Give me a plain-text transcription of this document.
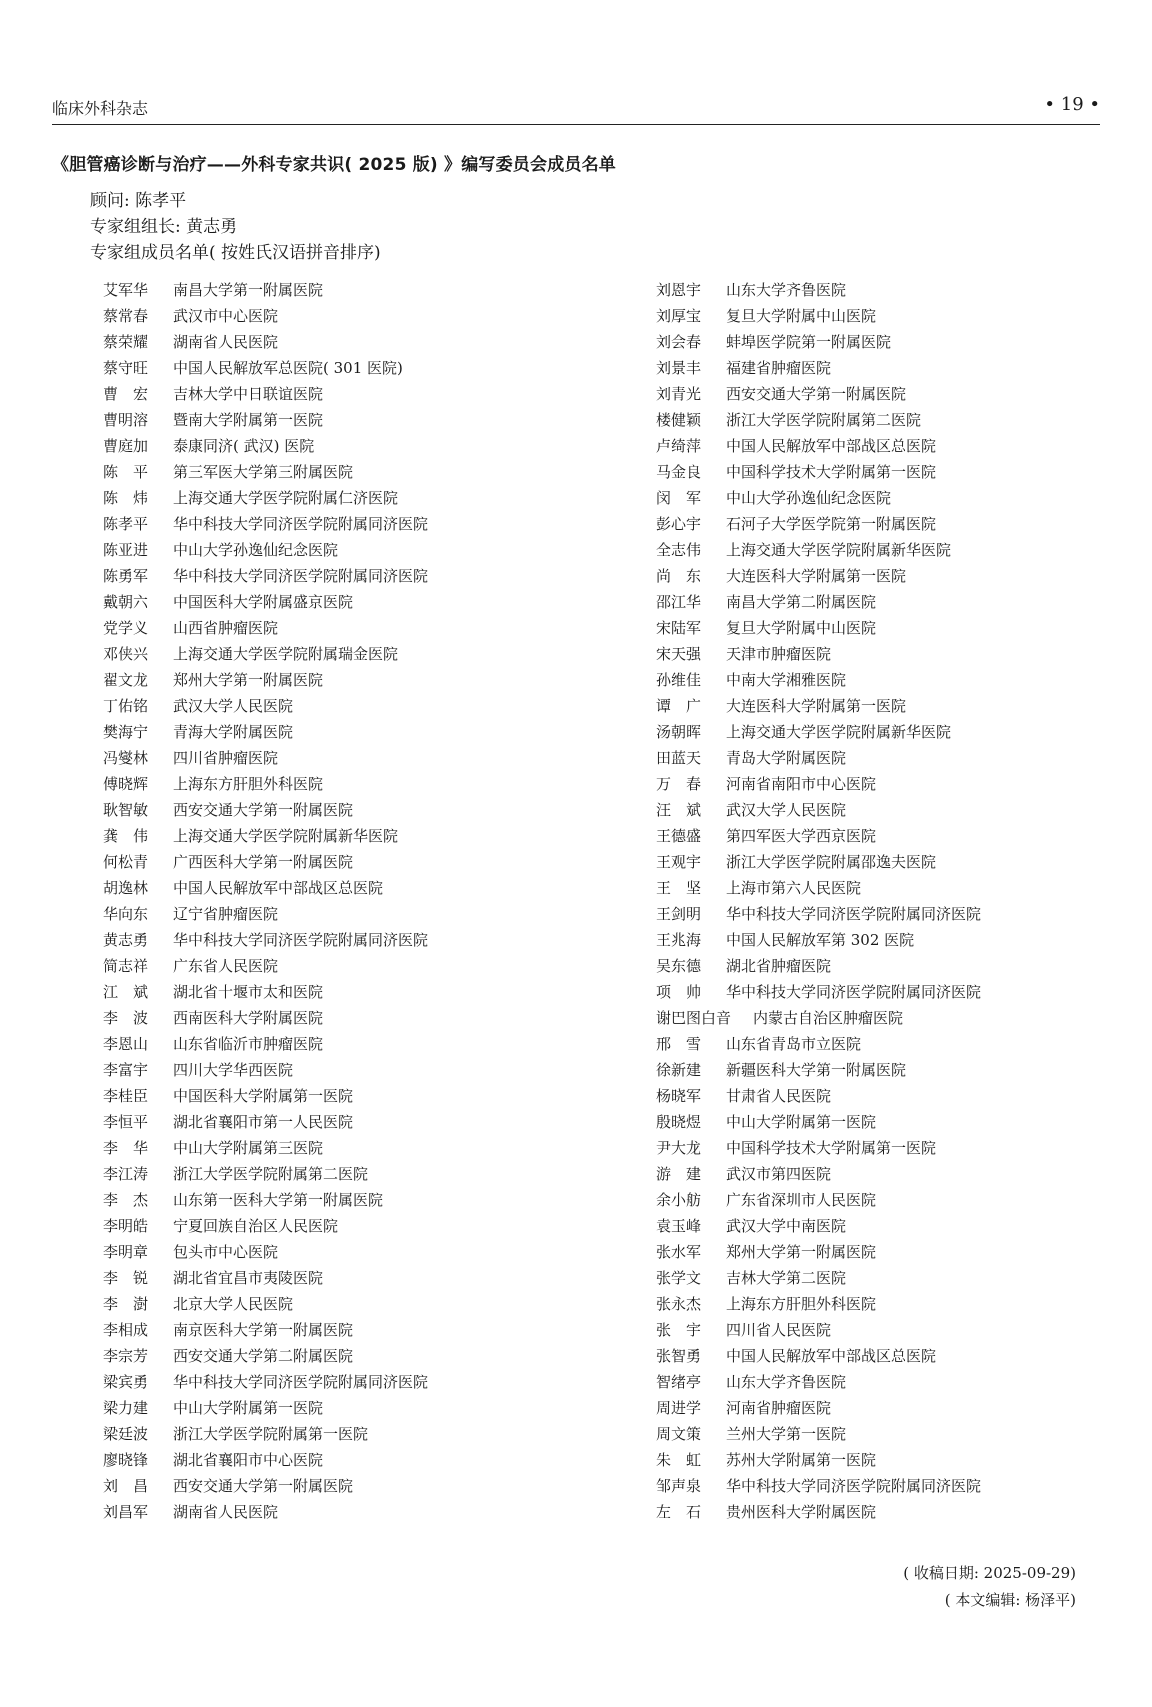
临床外科杂志	• 19 •
《胆管癌诊断与治疗——外科专家共识( 2025 版) 》编写委员会成员名单
顾问: 陈孝平
专家组组长: 黄志勇
专家组成员名单( 按姓氏汉语拼音排序)
艾军华 南昌大学第一附属医院
蔡常春 武汉市中心医院
蔡荣耀 湖南省人民医院
蔡守旺 中国人民解放军总医院( 301 医院)
曹　宏 吉林大学中日联谊医院
曹明溶 暨南大学附属第一医院
曹庭加 泰康同济( 武汉) 医院
陈　平 第三军医大学第三附属医院
陈　炜 上海交通大学医学院附属仁济医院
陈孝平 华中科技大学同济医学院附属同济医院
陈亚进 中山大学孙逸仙纪念医院
陈勇军 华中科技大学同济医学院附属同济医院
戴朝六 中国医科大学附属盛京医院
党学义 山西省肿瘤医院
邓侠兴 上海交通大学医学院附属瑞金医院
翟文龙 郑州大学第一附属医院
丁佑铭 武汉大学人民医院
樊海宁 青海大学附属医院
冯燮林 四川省肿瘤医院
傅晓辉 上海东方肝胆外科医院
耿智敏 西安交通大学第一附属医院
龚　伟 上海交通大学医学院附属新华医院
何松青 广西医科大学第一附属医院
胡逸林 中国人民解放军中部战区总医院
华向东 辽宁省肿瘤医院
黄志勇 华中科技大学同济医学院附属同济医院
简志祥 广东省人民医院
江　斌 湖北省十堰市太和医院
李　波 西南医科大学附属医院
李恩山 山东省临沂市肿瘤医院
李富宇 四川大学华西医院
李桂臣 中国医科大学附属第一医院
李恒平 湖北省襄阳市第一人民医院
李　华 中山大学附属第三医院
李江涛 浙江大学医学院附属第二医院
李　杰 山东第一医科大学第一附属医院
李明皓 宁夏回族自治区人民医院
李明章 包头市中心医院
李　锐 湖北省宜昌市夷陵医院
李　澍 北京大学人民医院
李相成 南京医科大学第一附属医院
李宗芳 西安交通大学第二附属医院
梁宾勇 华中科技大学同济医学院附属同济医院
梁力建 中山大学附属第一医院
梁廷波 浙江大学医学院附属第一医院
廖晓锋 湖北省襄阳市中心医院
刘　昌 西安交通大学第一附属医院
刘昌军 湖南省人民医院
刘恩宇 山东大学齐鲁医院
刘厚宝 复旦大学附属中山医院
刘会春 蚌埠医学院第一附属医院
刘景丰 福建省肿瘤医院
刘青光 西安交通大学第一附属医院
楼健颖 浙江大学医学院附属第二医院
卢绮萍 中国人民解放军中部战区总医院
马金良 中国科学技术大学附属第一医院
闵　军 中山大学孙逸仙纪念医院
彭心宇 石河子大学医学院第一附属医院
全志伟 上海交通大学医学院附属新华医院
尚　东 大连医科大学附属第一医院
邵江华 南昌大学第二附属医院
宋陆军 复旦大学附属中山医院
宋天强 天津市肿瘤医院
孙维佳 中南大学湘雅医院
谭　广 大连医科大学附属第一医院
汤朝晖 上海交通大学医学院附属新华医院
田蓝天 青岛大学附属医院
万　春 河南省南阳市中心医院
汪　斌 武汉大学人民医院
王德盛 第四军医大学西京医院
王观宇 浙江大学医学院附属邵逸夫医院
王　坚 上海市第六人民医院
王剑明 华中科技大学同济医学院附属同济医院
王兆海 中国人民解放军第 302 医院
吴东德 湖北省肿瘤医院
项　帅 华中科技大学同济医学院附属同济医院
谢巴图白音 内蒙古自治区肿瘤医院
邢　雪 山东省青岛市立医院
徐新建 新疆医科大学第一附属医院
杨晓军 甘肃省人民医院
殷晓煜 中山大学附属第一医院
尹大龙 中国科学技术大学附属第一医院
游　建 武汉市第四医院
余小舫 广东省深圳市人民医院
袁玉峰 武汉大学中南医院
张水军 郑州大学第一附属医院
张学文 吉林大学第二医院
张永杰 上海东方肝胆外科医院
张　宇 四川省人民医院
张智勇 中国人民解放军中部战区总医院
智绪亭 山东大学齐鲁医院
周进学 河南省肿瘤医院
周文策 兰州大学第一医院
朱　虹 苏州大学附属第一医院
邹声泉 华中科技大学同济医学院附属同济医院
左　石 贵州医科大学附属医院
( 收稿日期: 2025-09-29)
( 本文编辑: 杨泽平)
